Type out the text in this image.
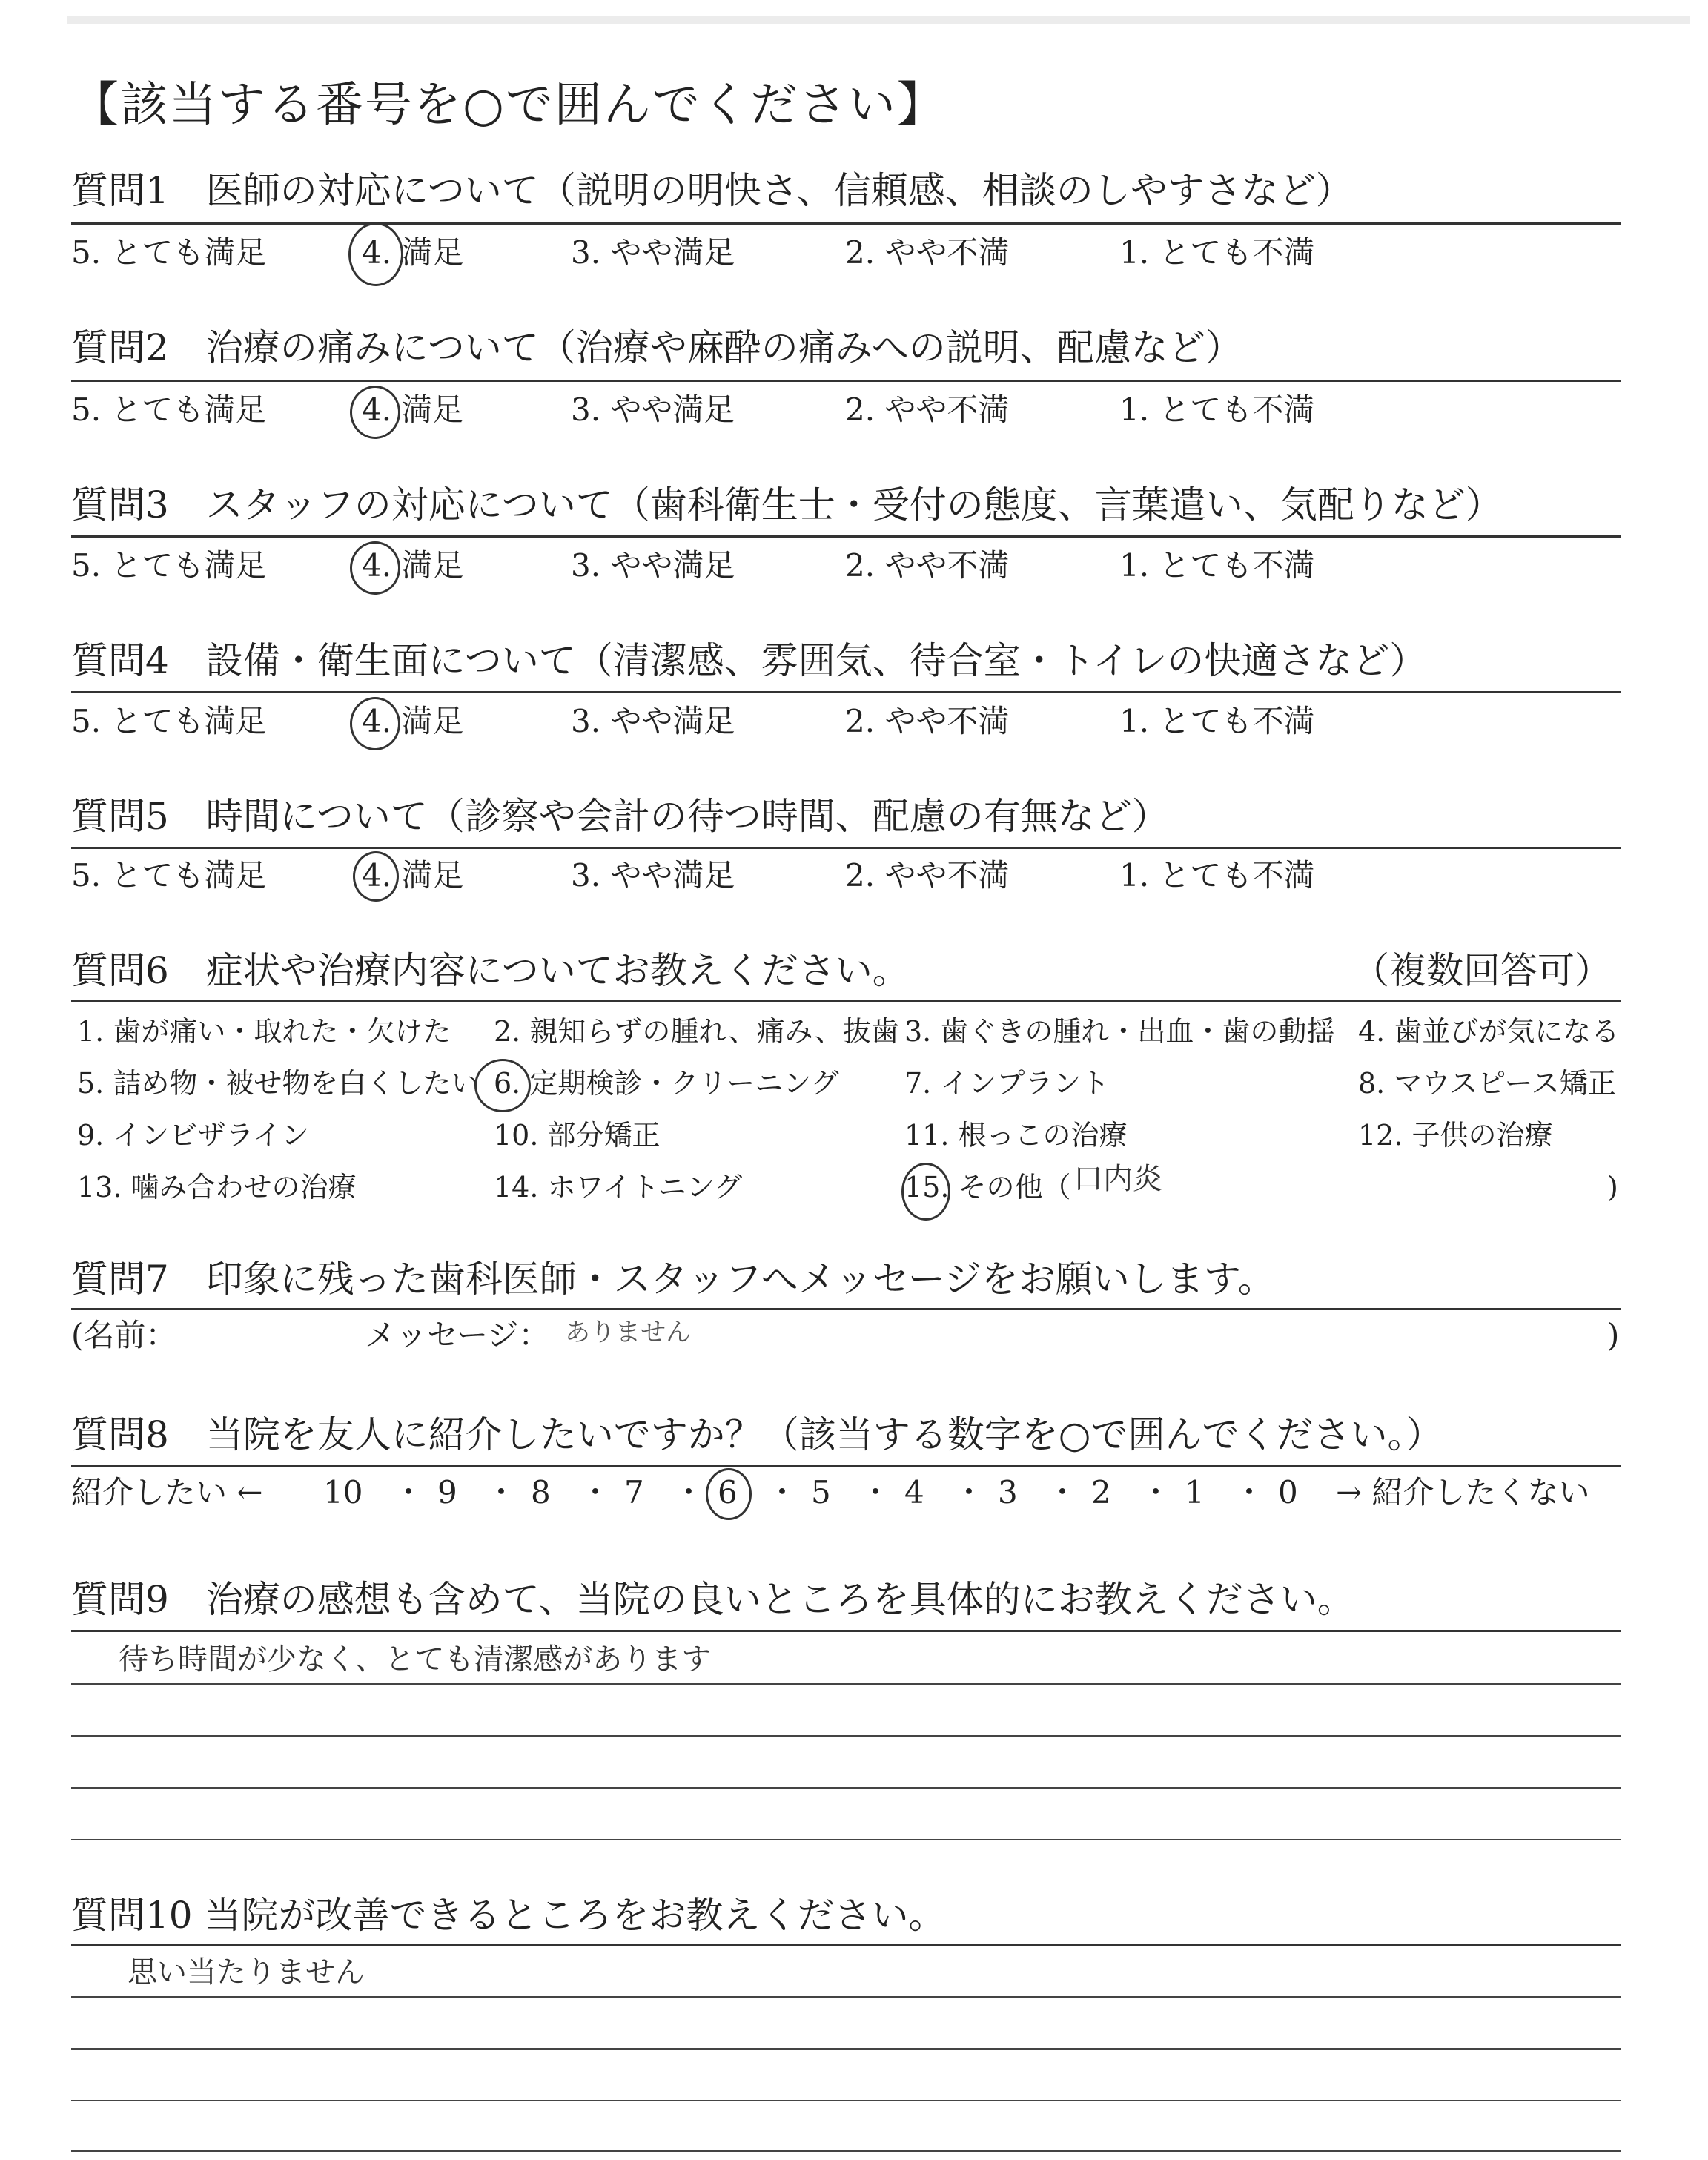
【該当する番号を○で囲んでください】
質問1　医師の対応について（説明の明快さ、信頼感、相談のしやすさなど）
5. とても満足	4. 満足	3. やや満足	2. やや不満	1. とても不満
質問2　治療の痛みについて（治療や麻酔の痛みへの説明、配慮など）
5. とても満足	4. 満足	3. やや満足	2. やや不満	1. とても不満
質問3　スタッフの対応について（歯科衛生士・受付の態度、言葉遣い、気配りなど）
5. とても満足	4. 満足	3. やや満足	2. やや不満	1. とても不満
質問4　設備・衛生面について（清潔感、雰囲気、待合室・トイレの快適さなど）
5. とても満足	4. 満足	3. やや満足	2. やや不満	1. とても不満
質問5　時間について（診察や会計の待つ時間、配慮の有無など）
5. とても満足	4. 満足	3. やや満足	2. やや不満	1. とても不満
質問6　症状や治療内容についてお教えください。	（複数回答可）
1. 歯が痛い・取れた・欠けた 2. 親知らずの腫れ、痛み、抜歯 3. 歯ぐきの腫れ・出血・歯の動揺 4. 歯並びが気になる
5. 詰め物・被せ物を白くしたい 6. 定期検診・クリーニング 7. インプラント	8. マウスピース矯正
9. インビザライン	10. 部分矯正	11. 根っこの治療	12. 子供の治療
13. 噛み合わせの治療	14. ホワイトニング	15. その他（	)
口内炎
質問7　印象に残った歯科医師・スタッフへメッセージをお願いします。
(名前：	メッセージ： ありません	)
質問8　当院を友人に紹介したいですか？（該当する数字を○で囲んでください。）
紹介したい ←	→ 紹介したくない
10 ・ 9 ・ 8 ・ 7 ・ 6 ・ 5 ・ 4 ・ 3 ・ 2 ・ 1 ・ 0
質問9　治療の感想も含めて、当院の良いところを具体的にお教えください。
待ち時間が少なく、とても清潔感があります
質問10 当院が改善できるところをお教えください。
思い当たりません
